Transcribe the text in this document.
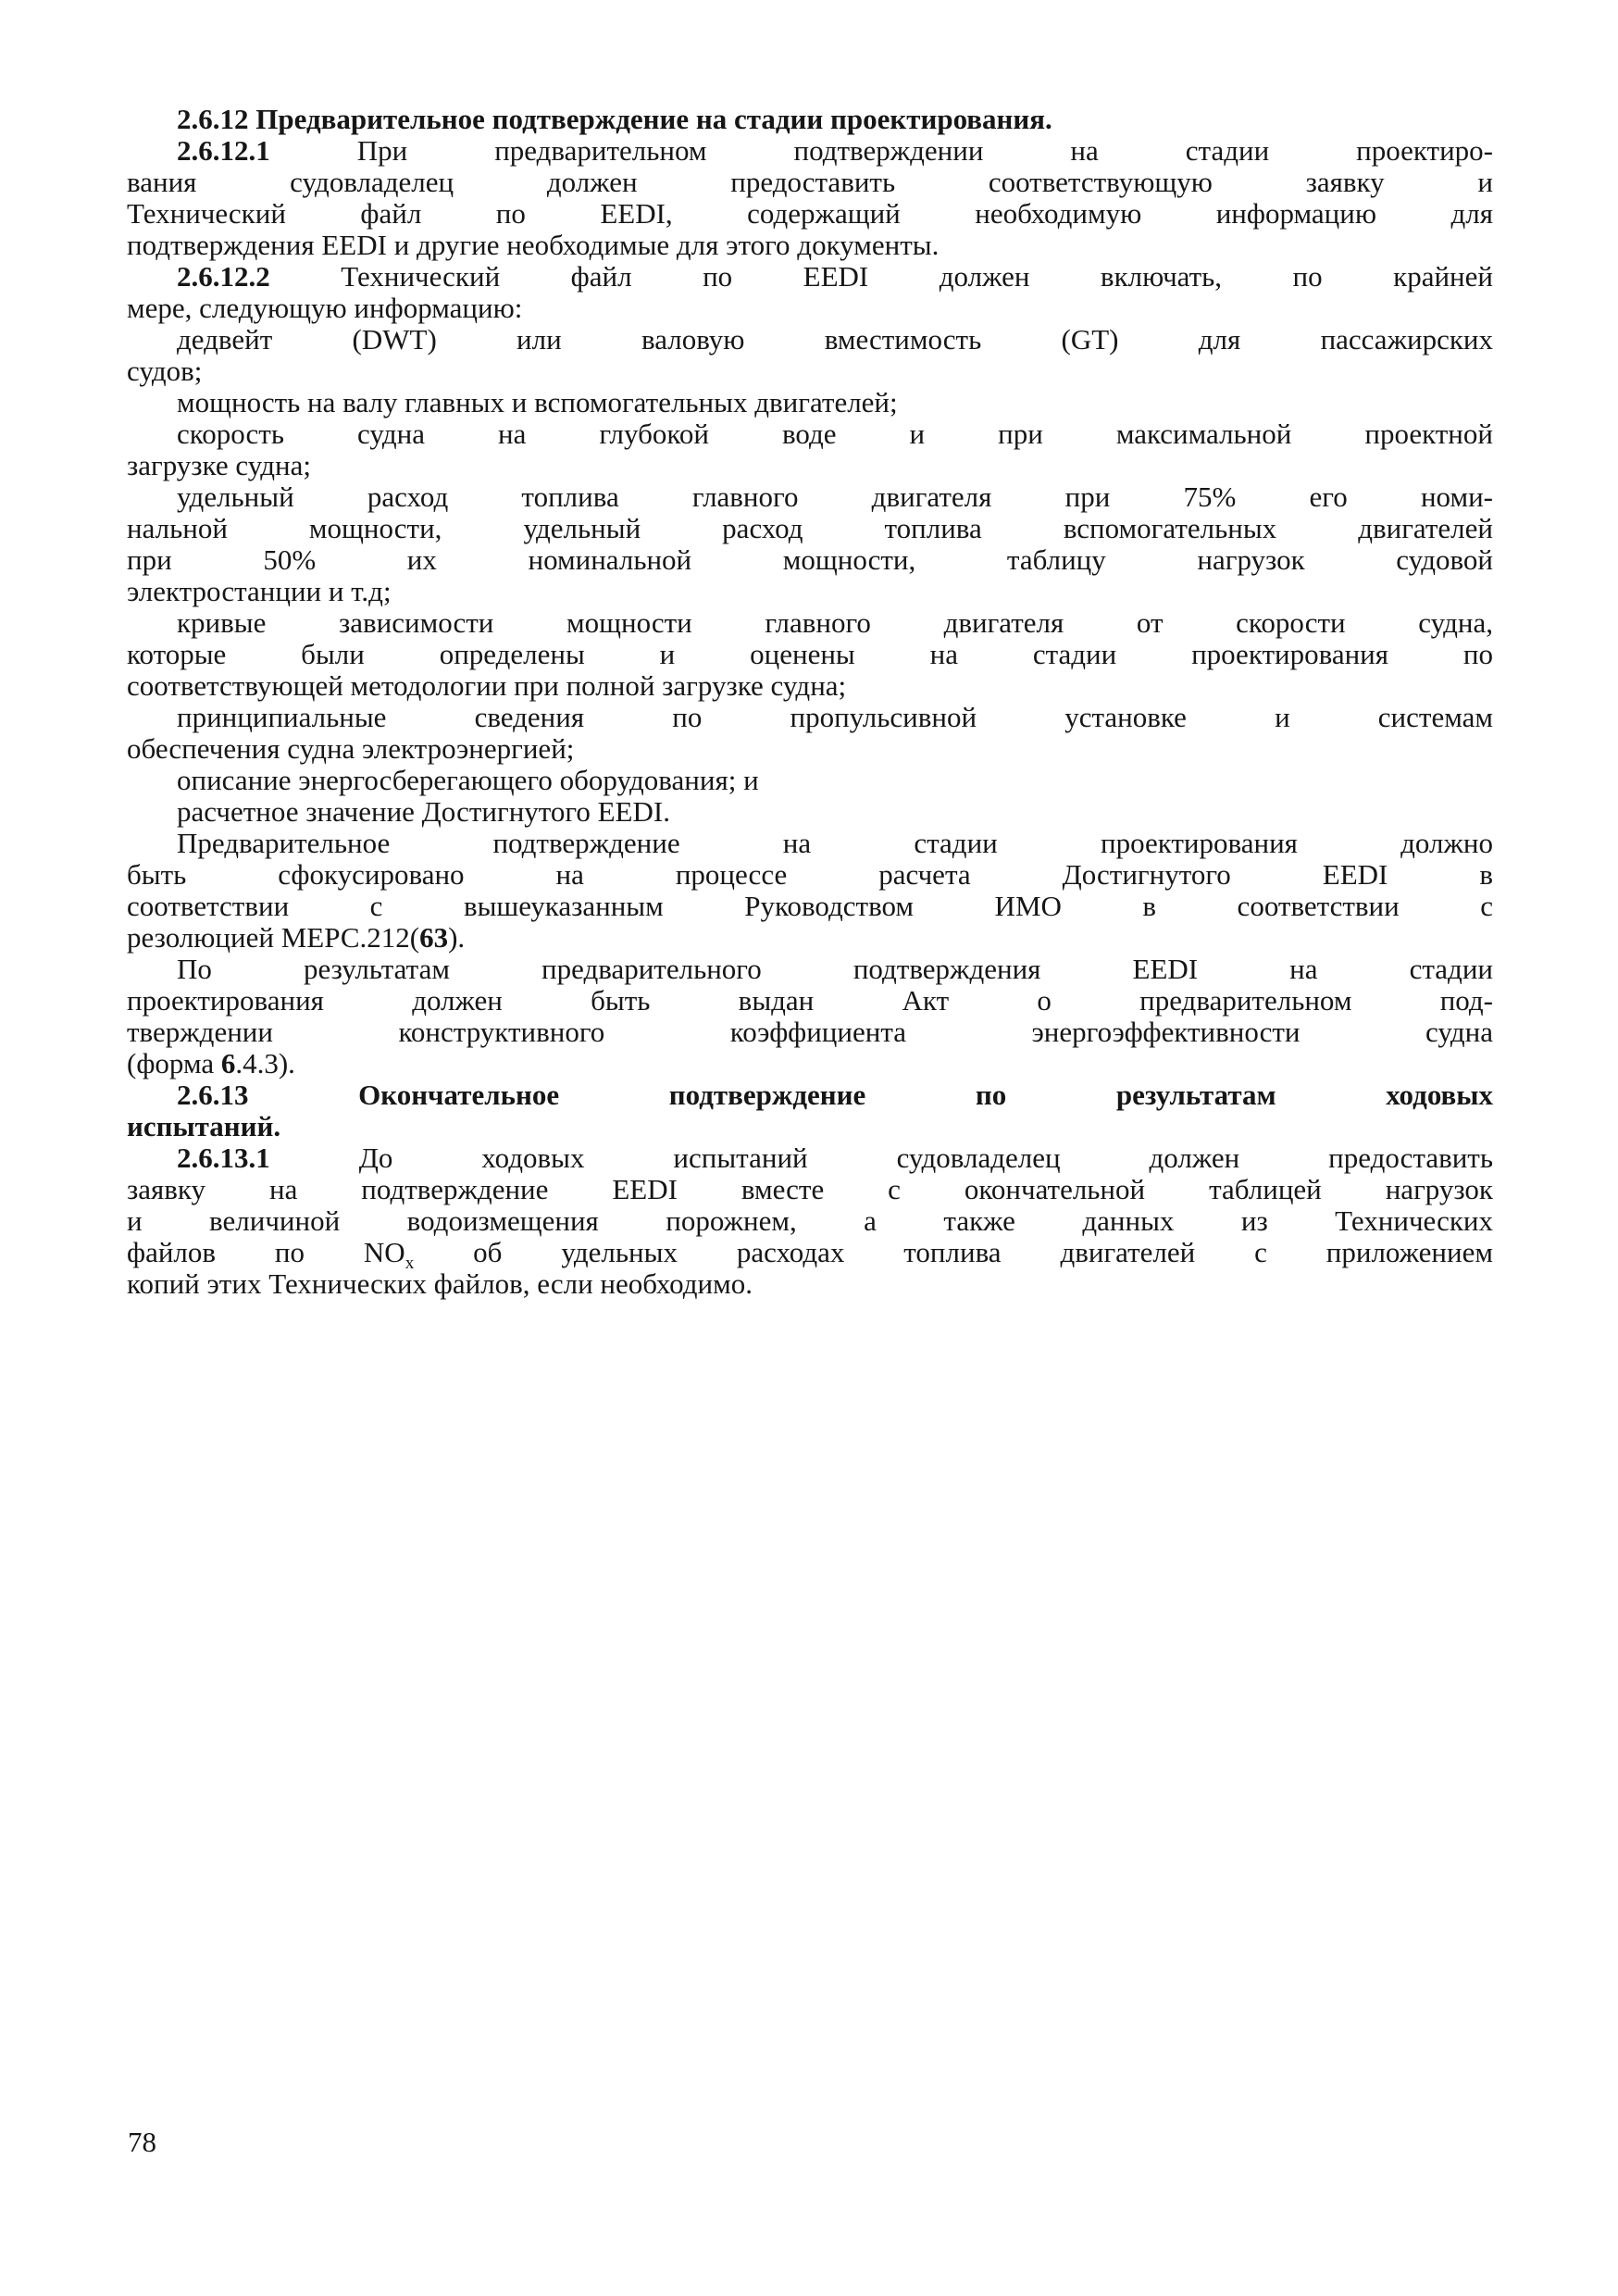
2.6.12 Предварительное подтверждение на стадии проектирования.
2.6.12.1 При предварительном подтверждении на стадии проектиро-
вания судовладелец должен предоставить соответствующую заявку и
Технический файл по EEDI, содержащий необходимую информацию для
подтверждения EEDI и другие необходимые для этого документы.
2.6.12.2 Технический файл по EEDI должен включать, по крайней
мере, следующую информацию:
дедвейт (DWT) или валовую вместимость (GT) для пассажирских
судов;
мощность на валу главных и вспомогательных двигателей;
скорость судна на глубокой воде и при максимальной проектной
загрузке судна;
удельный расход топлива главного двигателя при 75% его номи-
нальной мощности, удельный расход топлива вспомогательных двигателей
при 50% их номинальной мощности, таблицу нагрузок судовой
электростанции и т.д;
кривые зависимости мощности главного двигателя от скорости судна,
которые были определены и оценены на стадии проектирования по
соответствующей методологии при полной загрузке судна;
принципиальные сведения по пропульсивной установке и системам
обеспечения судна электроэнергией;
описание энергосберегающего оборудования; и
расчетное значение Достигнутого EEDI.
Предварительное подтверждение на стадии проектирования должно
быть сфокусировано на процессе расчета Достигнутого EEDI в
соответствии с вышеуказанным Руководством ИМО в соответствии с
резолюцией МЕРС.212(63).
По результатам предварительного подтверждения EEDI на стадии
проектирования должен быть выдан Акт о предварительном под-
тверждении конструктивного коэффициента энергоэффективности судна
(форма 6.4.3).
2.6.13 Окончательное подтверждение по результатам ходовых
испытаний.
2.6.13.1 До ходовых испытаний судовладелец должен предоставить
заявку на подтверждение EEDI вместе с окончательной таблицей нагрузок
и величиной водоизмещения порожнем, а также данных из Технических
файлов по $NO_x$ об удельных расходах топлива двигателей с приложением
копий этих Технических файлов, если необходимо.
78
